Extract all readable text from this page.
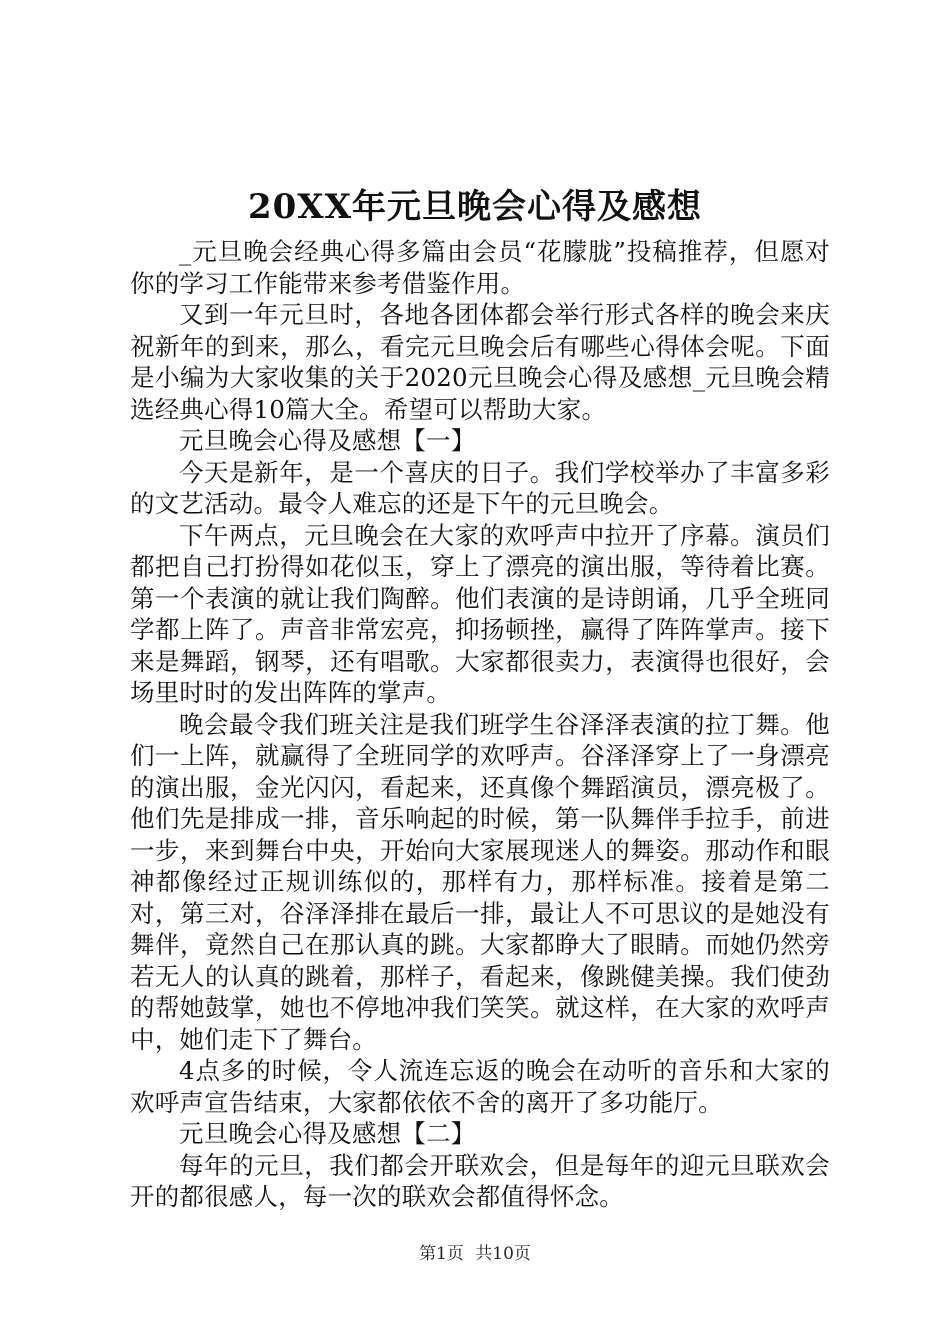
20XX年元旦晚会心得及感想

_元旦晚会经典心得多篇由会员“花朦胧”投稿推荐，但愿对你的学习工作能带来参考借鉴作用。

又到一年元旦时，各地各团体都会举行形式各样的晚会来庆祝新年的到来，那么，看完元旦晚会后有哪些心得体会呢。下面是小编为大家收集的关于2020元旦晚会心得及感想_元旦晚会精选经典心得10篇大全。希望可以帮助大家。

元旦晚会心得及感想【一】

今天是新年，是一个喜庆的日子。我们学校举办了丰富多彩的文艺活动。最令人难忘的还是下午的元旦晚会。

下午两点，元旦晚会在大家的欢呼声中拉开了序幕。演员们都把自己打扮得如花似玉，穿上了漂亮的演出服，等待着比赛。第一个表演的就让我们陶醉。他们表演的是诗朗诵，几乎全班同学都上阵了。声音非常宏亮，抑扬顿挫，赢得了阵阵掌声。接下来是舞蹈，钢琴，还有唱歌。大家都很卖力，表演得也很好，会场里时时的发出阵阵的掌声。

晚会最令我们班关注是我们班学生谷泽泽表演的拉丁舞。他们一上阵，就赢得了全班同学的欢呼声。谷泽泽穿上了一身漂亮的演出服，金光闪闪，看起来，还真像个舞蹈演员，漂亮极了。他们先是排成一排，音乐响起的时候，第一队舞伴手拉手，前进一步，来到舞台中央，开始向大家展现迷人的舞姿。那动作和眼神都像经过正规训练似的，那样有力，那样标准。接着是第二对，第三对，谷泽泽排在最后一排，最让人不可思议的是她没有舞伴，竟然自己在那认真的跳。大家都睁大了眼睛。而她仍然旁若无人的认真的跳着，那样子，看起来，像跳健美操。我们使劲的帮她鼓掌，她也不停地冲我们笑笑。就这样，在大家的欢呼声中，她们走下了舞台。

4点多的时候，令人流连忘返的晚会在动听的音乐和大家的欢呼声宣告结束，大家都依依不舍的离开了多功能厅。

元旦晚会心得及感想【二】

每年的元旦，我们都会开联欢会，但是每年的迎元旦联欢会开的都很感人，每一次的联欢会都值得怀念。

第1页 共10页
